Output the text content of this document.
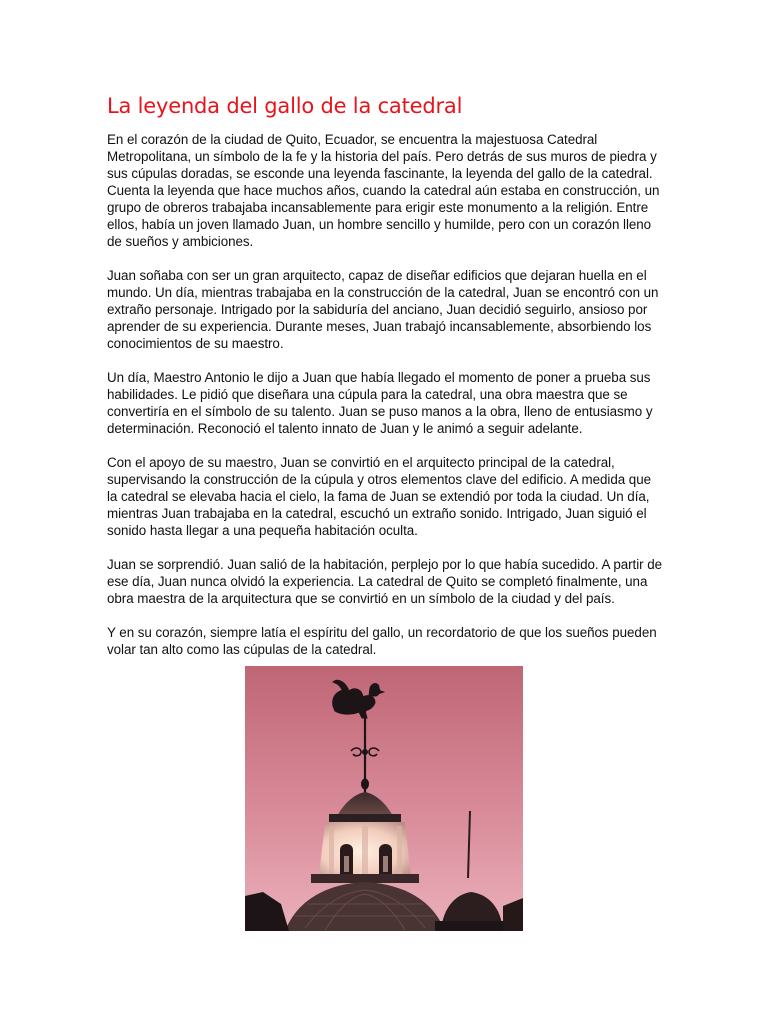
La leyenda del gallo de la catedral

En el corazón de la ciudad de Quito, Ecuador, se encuentra la majestuosa Catedral Metropolitana, un símbolo de la fe y la historia del país. Pero detrás de sus muros de piedra y sus cúpulas doradas, se esconde una leyenda fascinante, la leyenda del gallo de la catedral. Cuenta la leyenda que hace muchos años, cuando la catedral aún estaba en construcción, un grupo de obreros trabajaba incansablemente para erigir este monumento a la religión. Entre ellos, había un joven llamado Juan, un hombre sencillo y humilde, pero con un corazón lleno de sueños y ambiciones.

Juan soñaba con ser un gran arquitecto, capaz de diseñar edificios que dejaran huella en el mundo. Un día, mientras trabajaba en la construcción de la catedral, Juan se encontró con un extraño personaje. Intrigado por la sabiduría del anciano, Juan decidió seguirlo, ansioso por aprender de su experiencia. Durante meses, Juan trabajó incansablemente, absorbiendo los conocimientos de su maestro.

Un día, Maestro Antonio le dijo a Juan que había llegado el momento de poner a prueba sus habilidades. Le pidió que diseñara una cúpula para la catedral, una obra maestra que se convertiría en el símbolo de su talento. Juan se puso manos a la obra, lleno de entusiasmo y determinación. Reconoció el talento innato de Juan y le animó a seguir adelante.

Con el apoyo de su maestro, Juan se convirtió en el arquitecto principal de la catedral, supervisando la construcción de la cúpula y otros elementos clave del edificio. A medida que la catedral se elevaba hacia el cielo, la fama de Juan se extendió por toda la ciudad. Un día, mientras Juan trabajaba en la catedral, escuchó un extraño sonido. Intrigado, Juan siguió el sonido hasta llegar a una pequeña habitación oculta.

Juan se sorprendió. Juan salió de la habitación, perplejo por lo que había sucedido. A partir de ese día, Juan nunca olvidó la experiencia. La catedral de Quito se completó finalmente, una obra maestra de la arquitectura que se convirtió en un símbolo de la ciudad y del país.

Y en su corazón, siempre latía el espíritu del gallo, un recordatorio de que los sueños pueden volar tan alto como las cúpulas de la catedral.
